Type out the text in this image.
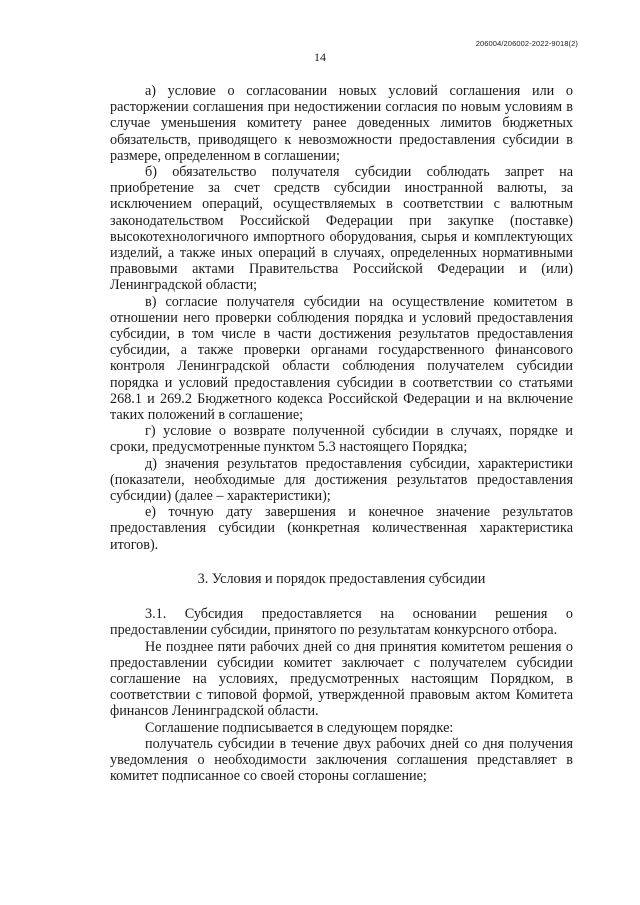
206004/206002-2022-9018(2)
14

а) условие о согласовании новых условий соглашения или о расторжении соглашения при недостижении согласия по новым условиям в случае уменьшения комитету ранее доведенных лимитов бюджетных обязательств, приводящего к невозможности предоставления субсидии в размере, определенном в соглашении;

б) обязательство получателя субсидии соблюдать запрет на приобретение за счет средств субсидии иностранной валюты, за исключением операций, осуществляемых в соответствии с валютным законодательством Российской Федерации при закупке (поставке) высокотехнологичного импортного оборудования, сырья и комплектующих изделий, а также иных операций в случаях, определенных нормативными правовыми актами Правительства Российской Федерации и (или) Ленинградской области;

в) согласие получателя субсидии на осуществление комитетом в отношении него проверки соблюдения порядка и условий предоставления субсидии, в том числе в части достижения результатов предоставления субсидии, а также проверки органами государственного финансового контроля Ленинградской области соблюдения получателем субсидии порядка и условий предоставления субсидии в соответствии со статьями 268.1 и 269.2 Бюджетного кодекса Российской Федерации и на включение таких положений в соглашение;

г) условие о возврате полученной субсидии в случаях, порядке и сроки, предусмотренные пунктом 5.3 настоящего Порядка;

д) значения результатов предоставления субсидии, характеристики (показатели, необходимые для достижения результатов предоставления субсидии) (далее – характеристики);

е) точную дату завершения и конечное значение результатов предоставления субсидии (конкретная количественная характеристика итогов).

3. Условия и порядок предоставления субсидии

3.1. Субсидия предоставляется на основании решения о предоставлении субсидии, принятого по результатам конкурсного отбора.

Не позднее пяти рабочих дней со дня принятия комитетом решения о предоставлении субсидии комитет заключает с получателем субсидии соглашение на условиях, предусмотренных настоящим Порядком, в соответствии с типовой формой, утвержденной правовым актом Комитета финансов Ленинградской области.

Соглашение подписывается в следующем порядке:

получатель субсидии в течение двух рабочих дней со дня получения уведомления о необходимости заключения соглашения представляет в комитет подписанное со своей стороны соглашение;
